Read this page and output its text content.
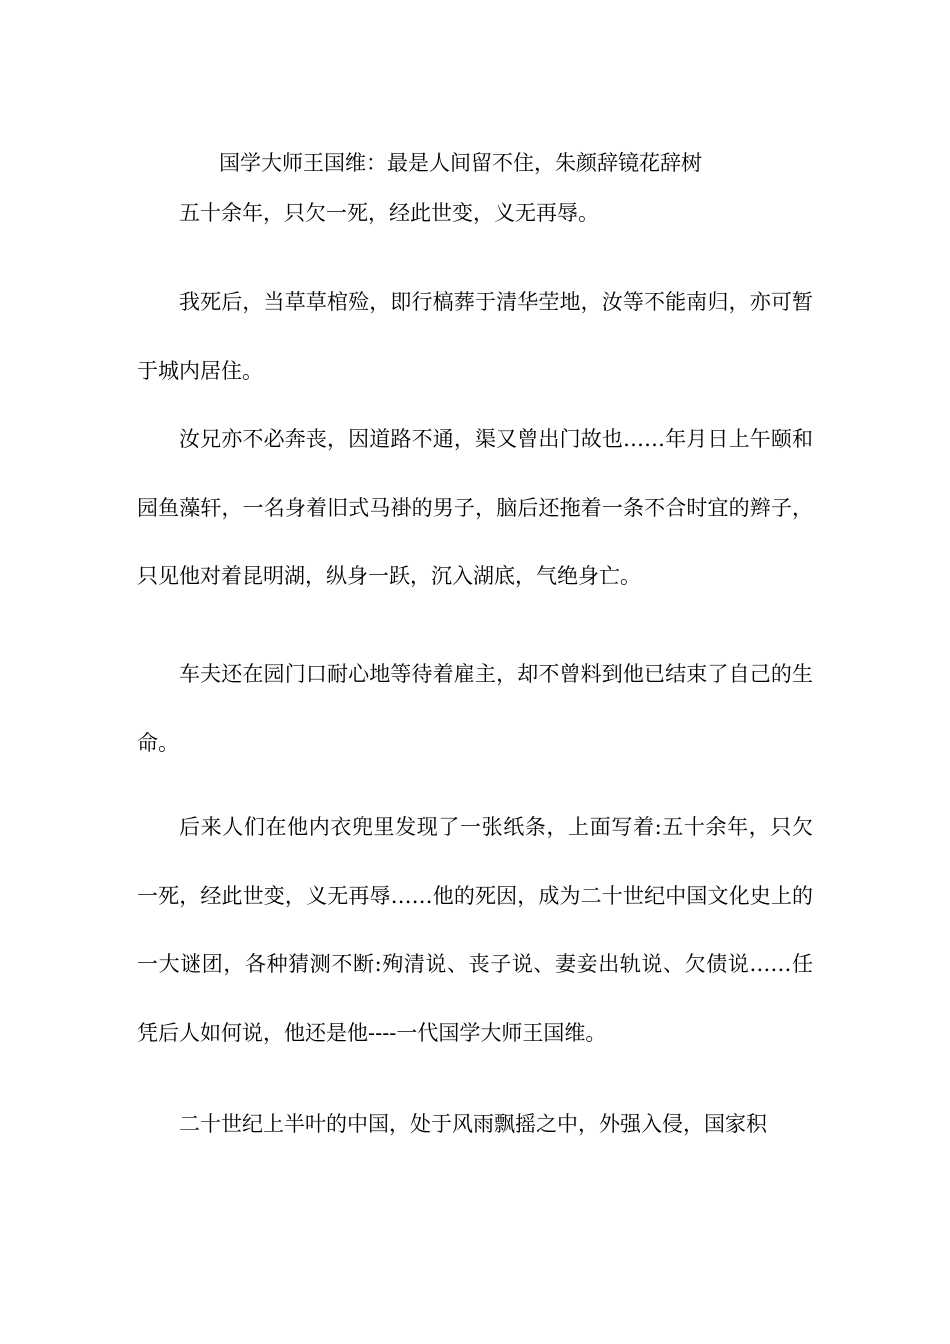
国学大师王国维：最是人间留不住，朱颜辞镜花辞树

五十余年，只欠一死，经此世变，义无再辱。

我死后，当草草棺殓，即行槁葬于清华茔地，汝等不能南归，亦可暂于城内居住。

汝兄亦不必奔丧，因道路不通，渠又曾出门故也……年月日上午颐和园鱼藻轩，一名身着旧式马褂的男子，脑后还拖着一条不合时宜的辫子，只见他对着昆明湖，纵身一跃，沉入湖底，气绝身亡。

车夫还在园门口耐心地等待着雇主，却不曾料到他已结束了自己的生命。

后来人们在他内衣兜里发现了一张纸条，上面写着:五十余年，只欠一死，经此世变，义无再辱……他的死因，成为二十世纪中国文化史上的一大谜团，各种猜测不断:殉清说、丧子说、妻妾出轨说、欠债说……任凭后人如何说，他还是他----一代国学大师王国维。

二十世纪上半叶的中国，处于风雨飘摇之中，外强入侵，国家积
